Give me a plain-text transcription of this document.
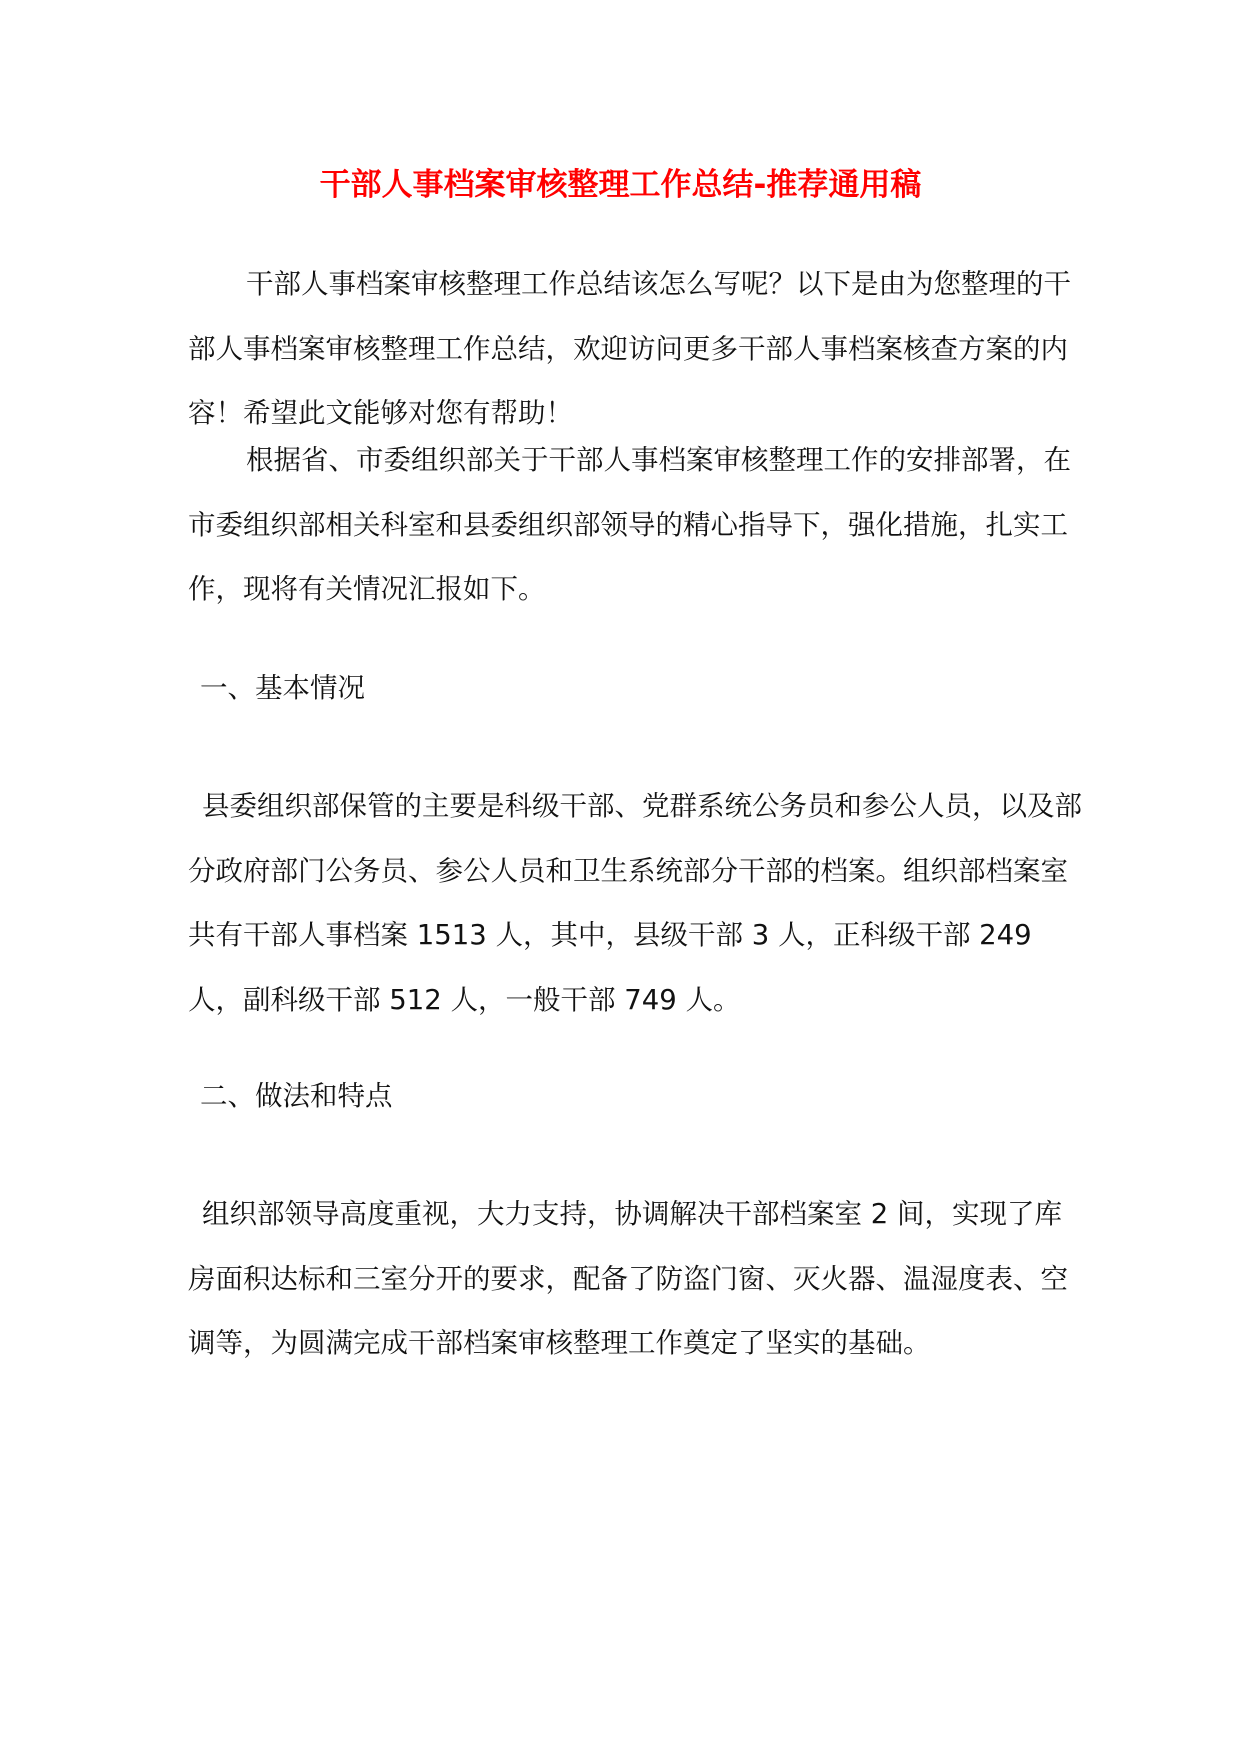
干部人事档案审核整理工作总结-推荐通用稿

干部人事档案审核整理工作总结该怎么写呢？以下是由为您整理的干部人事档案审核整理工作总结，欢迎访问更多干部人事档案核查方案的内容！希望此文能够对您有帮助！

根据省、市委组织部关于干部人事档案审核整理工作的安排部署，在市委组织部相关科室和县委组织部领导的精心指导下，强化措施，扎实工作，现将有关情况汇报如下。

一、基本情况

县委组织部保管的主要是科级干部、党群系统公务员和参公人员，以及部分政府部门公务员、参公人员和卫生系统部分干部的档案。组织部档案室共有干部人事档案 1513 人，其中，县级干部 3 人，正科级干部 249 人，副科级干部 512 人，一般干部 749 人。

二、做法和特点

组织部领导高度重视，大力支持，协调解决干部档案室 2 间，实现了库房面积达标和三室分开的要求，配备了防盗门窗、灭火器、温湿度表、空调等，为圆满完成干部档案审核整理工作奠定了坚实的基础。
